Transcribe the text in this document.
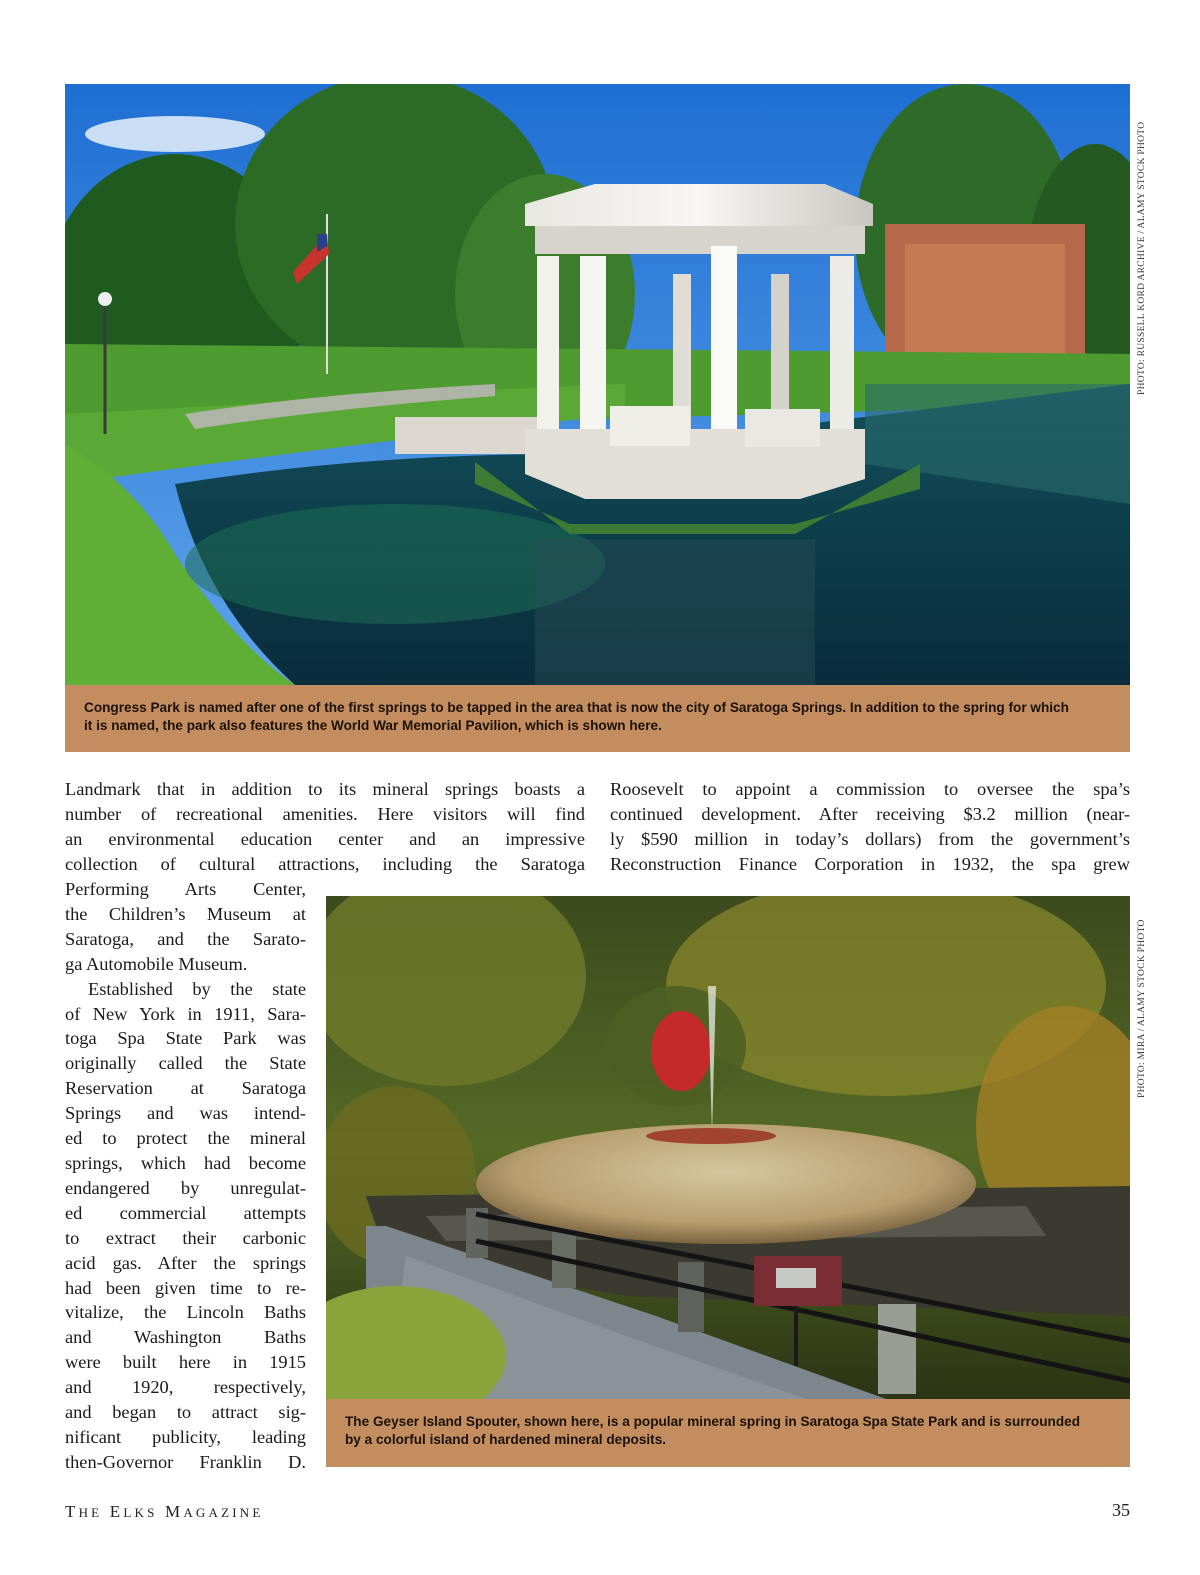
PHOTO: RUSSELL KORD ARCHIVE / ALAMY STOCK PHOTO
Congress Park is named after one of the first springs to be tapped in the area that is now the city of Saratoga Springs. In addition to the spring for which
it is named, the park also features the World War Memorial Pavilion, which is shown here.
Landmark that in addition to its mineral springs boasts a
number of recreational amenities. Here visitors will find
an environmental education center and an impressive
collection of cultural attractions, including the Saratoga
Roosevelt to appoint a commission to oversee the spa’s
continued development. After receiving $3.2 million (near-
ly $590 million in today’s dollars) from the government’s
Reconstruction Finance Corporation in 1932, the spa grew
Performing Arts Center,
the Children’s Museum at
Saratoga, and the Sarato-
ga Automobile Museum.
Established by the state
of New York in 1911, Sara-
toga Spa State Park was
originally called the State
Reservation at Saratoga
Springs and was intend-
ed to protect the mineral
springs, which had become
endangered by unregulat-
ed commercial attempts
to extract their carbonic
acid gas. After the springs
had been given time to re-
vitalize, the Lincoln Baths
and Washington Baths
were built here in 1915
and 1920, respectively,
and began to attract sig-
nificant publicity, leading
then-Governor Franklin D.
PHOTO: MIRA / ALAMY STOCK PHOTO
The Geyser Island Spouter, shown here, is a popular mineral spring in Saratoga Spa State Park and is surrounded
by a colorful island of hardened mineral deposits.
THE ELKS MAGAZINE	35
